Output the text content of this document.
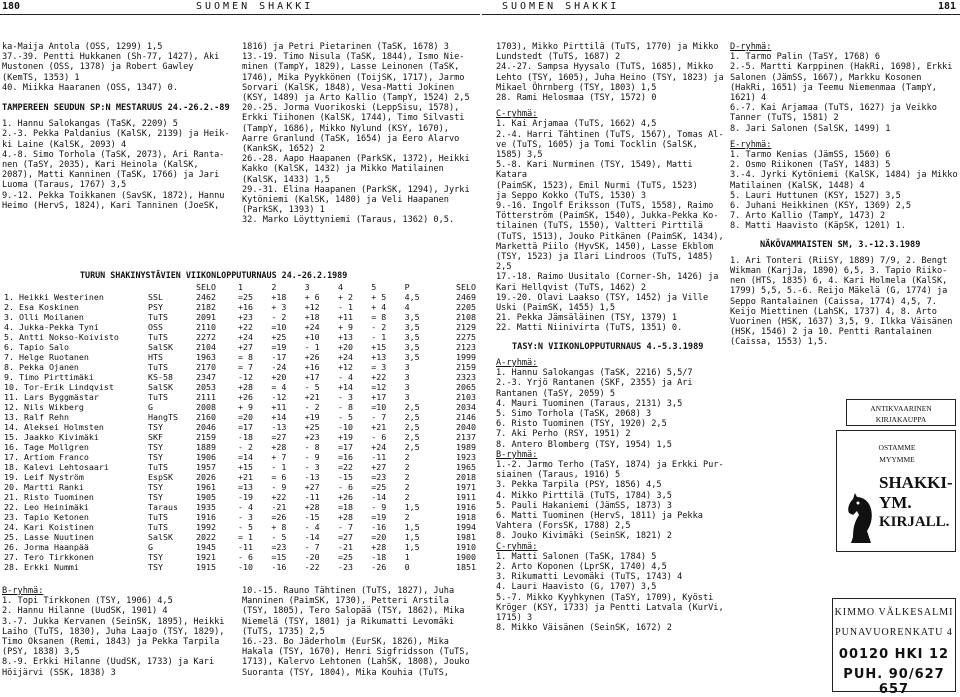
180	SUOMEN SHAKKI

ka-Maija Antola (OSS, 1299) 1,5

37.-39. Pentti Hukkanen (Sh-77, 1427), Aki

Mustonen (OSS, 1378) ja Robert Gawley

(KemTS, 1353) 1

40. Miikka Haaranen (OSS, 1347) 0.

TAMPEREEN SEUDUN SP:N MESTARUUS 24.-26.2.-89

1. Hannu Salokangas (TaSK, 2209) 5

2.-3. Pekka Paldanius (KalSK, 2139) ja Heik-

ki Laine (KalSK, 2093) 4

4.-8. Simo Torhola (TaSK, 2073), Ari Ranta-

nen (TaSY, 2035), Kari Heinola (KalSK,

2087), Matti Kanninen (TaSK, 1766) ja Jari

Luoma (Taraus, 1767) 3,5

9.-12. Pekka Toikkanen (SavSK, 1872), Hannu

Heimo (HervS, 1824), Kari Tanninen (JoeSK,

1816) ja Petri Pietarinen (TaSK, 1678) 3

13.-19. Timo Nisula (TaSK, 1844), Ismo Nie-

minen (TampY, 1829), Lasse Leinonen (TaSK,

1746), Mika Pyykkönen (ToijSK, 1717), Jarmo

Sorvari (KalSK, 1848), Vesa-Matti Jokinen

(KSY, 1489) ja Arto Kallio (TampY, 1524) 2,5

20.-25. Jorma Vuorikoski (LeppSisu, 1578),

Erkki Tiihonen (KalSK, 1744), Timo Silvasti

(TampY, 1686), Mikko Nylund (KSY, 1670),

Aarre Granlund (TaSK, 1654) ja Eero Alarvo

(KankSK, 1652) 2

26.-28. Aapo Haapanen (ParkSK, 1372), Heikki

Kakko (KalSK, 1432) ja Mikko Matilainen

(KalSK, 1433) 1,5

29.-31. Elina Haapanen (ParkSK, 1294), Jyrki

Kytöniemi (KalSK, 1480) ja Veli Haapanen

(ParkSK, 1393) 1

32. Marko Löyttyniemi (Taraus, 1362) 0,5.

TURUN SHAKINYSTÄVIEN VIIKONLOPPUTURNAUS 24.-26.2.1989
		SELO	1	2	3	4	5	P	SELO
1. Heikki Westerinen	SSL	2462	=25	+18	+ 6	+ 2	+ 5	4,5	2469
2. Esa Koskinen	PSY	2182	+16	+ 3	+12	- 1	+ 4	4	2205
3. Olli Moilanen	TuTS	2091	+23	- 2	+18	+11	= 8	3,5	2108
4. Jukka-Pekka Tyni	OSS	2110	+22	=10	+24	+ 9	- 2	3,5	2129
5. Antti Nokso-Koivisto	TuTS	2272	+24	+25	+10	+13	- 1	3,5	2275
6. Tapio Salo	SalSK	2104	+27	=19	- 1	+20	+15	3,5	2123
7. Helge Ruotanen	HTS	1963	= 8	-17	+26	+24	+13	3,5	1999
8. Pekka Ojanen	TuTS	2170	= 7	-24	+16	+12	= 3	3	2159
9. Timo Pirttimäki	KS-58	2347	-12	+20	+17	- 4	+22	3	2323
10. Tor-Erik Lindqvist	SalSK	2053	+28	= 4	- 5	+14	=12	3	2065
11. Lars Byggmästar	TuTS	2111	+26	-12	+21	- 3	+17	3	2103
12. Nils Wikberg	G	2008	+ 9	+11	- 2	- 8	=10	2,5	2034
13. Ralf Rehn	HangTS	2160	=20	+14	+19	- 5	- 7	2,5	2146
14. Aleksei Holmsten	TSY	2046	=17	-13	+25	-10	+21	2,5	2040
15. Jaakko Kivimäki	SKF	2159	-18	=27	+23	+19	- 6	2,5	2137
16. Tage Mollgren	TSY	1889	- 2	+28	- 8	=17	+24	2,5	1989
17. Artiom Franco	TSY	1906	=14	+ 7	- 9	=16	-11	2	1923
18. Kalevi Lehtosaari	TuTS	1957	+15	- 1	- 3	=22	+27	2	1965
19. Leif Nyström	EspSK	2026	+21	= 6	-13	-15	=23	2	2018
20. Martti Ranki	TSY	1961	=13	- 9	+27	- 6	=25	2	1971
21. Risto Tuominen	TSY	1905	-19	+22	-11	+26	-14	2	1911
22. Leo Heinimäki	Taraus	1935	- 4	-21	+28	=18	- 9	1,5	1916
23. Tapio Ketonen	TuTS	1916	- 3	=26	-15	+28	=19	2	1918
24. Kari Koistinen	TuTS	1992	- 5	+ 8	- 4	- 7	-16	1,5	1994
25. Lasse Nuutinen	SalSK	2022	= 1	- 5	-14	=27	=20	1,5	1981
26. Jorma Haanpää	G	1945	-11	=23	- 7	-21	+28	1,5	1910
27. Tero Tirkkonen	TSY	1921	- 6	=15	-20	=25	-18	1	1900
28. Erkki Nummi	TSY	1915	-10	-16	-22	-23	-26	0	1851

B-ryhmä:

1. Topi Tirkkonen (TSY, 1906) 4,5

2. Hannu Hilanne (UudSK, 1901) 4

3.-7. Jukka Kervanen (SeinSK, 1895), Heikki

Laiho (TuTS, 1830), Juha Laajo (TSY, 1829),

Timo Oksanen (Remi, 1843) ja Pekka Tarpila

(PSY, 1838) 3,5

8.-9. Erkki Hilanne (UudSK, 1733) ja Kari

Höijärvi (SSK, 1838) 3

10.-15. Rauno Tähtinen (TuTS, 1827), Juha

Manninen (PaimSK, 1730), Petteri Arstila

(TSY, 1805), Tero Salopää (TSY, 1862), Mika

Niemelä (TSY, 1801) ja Rikumatti Levomäki

(TuTS, 1735) 2,5

16.-23. Bo Jäderholm (EurSK, 1826), Mika

Hakala (TSY, 1670), Henri Sigfridsson (TuTS,

1713), Kalervo Lehtonen (LahSK, 1808), Jouko

Suoranta (TSY, 1804), Mika Kouhia (TuTS,

SUOMEN SHAKKI	181

1703), Mikko Pirttilä (TuTS, 1770) ja Mikko

Lundstedt (TuTS, 1687) 2

24.-27. Sampsa Hyysalo (TuTS, 1685), Mikko

Lehto (TSY, 1605), Juha Heino (TSY, 1823) ja

Mikael Öhrnberg (TSY, 1803) 1,5

28. Rami Helosmaa (TSY, 1572) 0

C-ryhmä:

1. Kai Arjamaa (TuTS, 1662) 4,5

2.-4. Harri Tähtinen (TuTS, 1567), Tomas Al-

ve (TuTS, 1605) ja Tomi Tocklin (SalSK,

1585) 3,5

5.-8. Kari Nurminen (TSY, 1549), Matti Katara

(PaimSK, 1523), Emil Nurmi (TuTS, 1523)

ja Seppo Kokko (TuTS, 1530) 3

9.-16. Ingolf Eriksson (TuTS, 1558), Raimo

Tötterström (PaimSK, 1540), Jukka-Pekka Ko-

tilainen (TuTS, 1550), Valtteri Pirttilä

(TuTS, 1513), Jouko Pitkänen (PaimSK, 1434),

Markettä Piilo (HyvSK, 1450), Lasse Ekblom

(TSY, 1523) ja Ilari Lindroos (TuTS, 1485)

2,5

17.-18. Raimo Uusitalo (Corner-Sh, 1426) ja

Kari Hellqvist (TuTS, 1462) 2

19.-20. Olavi Laakso (TSY, 1452) ja Ville

Uski (PaimSK, 1455) 1,5

21. Pekka Jämsäläinen (TSY, 1379) 1

22. Matti Niinivirta (TuTS, 1351) 0.

TASY:N VIIKONLOPPUTURNAUS 4.-5.3.1989

A-ryhmä:

1. Hannu Salokangas (TaSK, 2216) 5,5/7

2.-3. Yrjö Rantanen (SKF, 2355) ja Ari

Rantanen (TaSY, 2059) 5

4. Mauri Tuominen (Taraus, 2131) 3,5

5. Simo Torhola (TaSK, 2068) 3

6. Risto Tuominen (TSY, 1920) 2,5

7. Aki Perho (RSY, 1951) 2

8. Antero Blomberg (TSY, 1954) 1,5

B-ryhmä:

1.-2. Jarmo Terho (TaSY, 1874) ja Erkki Pur-

siainen (Taraus, 1916) 5

3. Pekka Tarpila (PSY, 1856) 4,5

4. Mikko Pirttilä (TuTS, 1784) 3,5

5. Pauli Hakaniemi (JämSS, 1873) 3

6. Matti Tuominen (HervS, 1811) ja Pekka

Vahtera (ForsSK, 1788) 2,5

8. Jouko Kivimäki (SeinSK, 1821) 2

C-ryhmä:

1. Matti Salonen (TaSK, 1784) 5

2. Arto Koponen (LprSK, 1740) 4,5

3. Rikumatti Levomäki (TuTS, 1743) 4

4. Lauri Haavisto (G, 1707) 3,5

5.-7. Mikko Kyyhkynen (TaSY, 1709), Kyösti

Kröger (KSY, 1733) ja Pentti Latvala (KurVi,

1715) 3

8. Mikko Väisänen (SeinSK, 1672) 2

D-ryhmä:

1. Tarmo Palin (TaSY, 1768) 6

2.-5. Martti Karppinen (HakRi, 1698), Erkki

Salonen (JämSS, 1667), Markku Kosonen

(HakRi, 1651) ja Teemu Niemenmaa (TampY,

1621) 4

6.-7. Kai Arjamaa (TuTS, 1627) ja Veikko

Tanner (TuTS, 1581) 2

8. Jari Salonen (SalSK, 1499) 1

E-ryhmä:

1. Tarmo Kenias (JämSS, 1560) 6

2. Osmo Riikonen (TaSY, 1483) 5

3.-4. Jyrki Kytöniemi (KalSK, 1484) ja Mikko

Matilainen (KalSK, 1448) 4

5. Lauri Huttunen (KSY, 1527) 3,5

6. Juhani Heikkinen (KSY, 1369) 2,5

7. Arto Kallio (TampY, 1473) 2

8. Matti Haavisto (KäpSK, 1201) 1.

NÄKÖVAMMAISTEN SM, 3.-12.3.1989

1. Ari Tonteri (RiiSY, 1889) 7/9, 2. Bengt

Wikman (KarjJa, 1890) 6,5, 3. Tapio Riiko-

nen (HTS, 1835) 6, 4. Kari Holmela (KalSK,

1799) 5,5, 5.-6. Reijo Mäkelä (G, 1774) ja

Seppo Rantalainen (Caissa, 1774) 4,5, 7.

Keijo Miettinen (LahSK, 1737) 4, 8. Arto

Vuorinen (HSK, 1637) 3,5, 9. Ilkka Väisänen

(HSK, 1546) 2 ja 10. Pentti Rantalainen

(Caissa, 1553) 1,5.

ANTIKVAARINEN KIRJAKAUPPA
OSTAMME
MYYMME
SHAKKI-
YM.
KIRJALL.
KIMMO VÄLKESALMI
PUNAVUORENKATU 4
00120 HKI 12
PUH. 90/627 657
